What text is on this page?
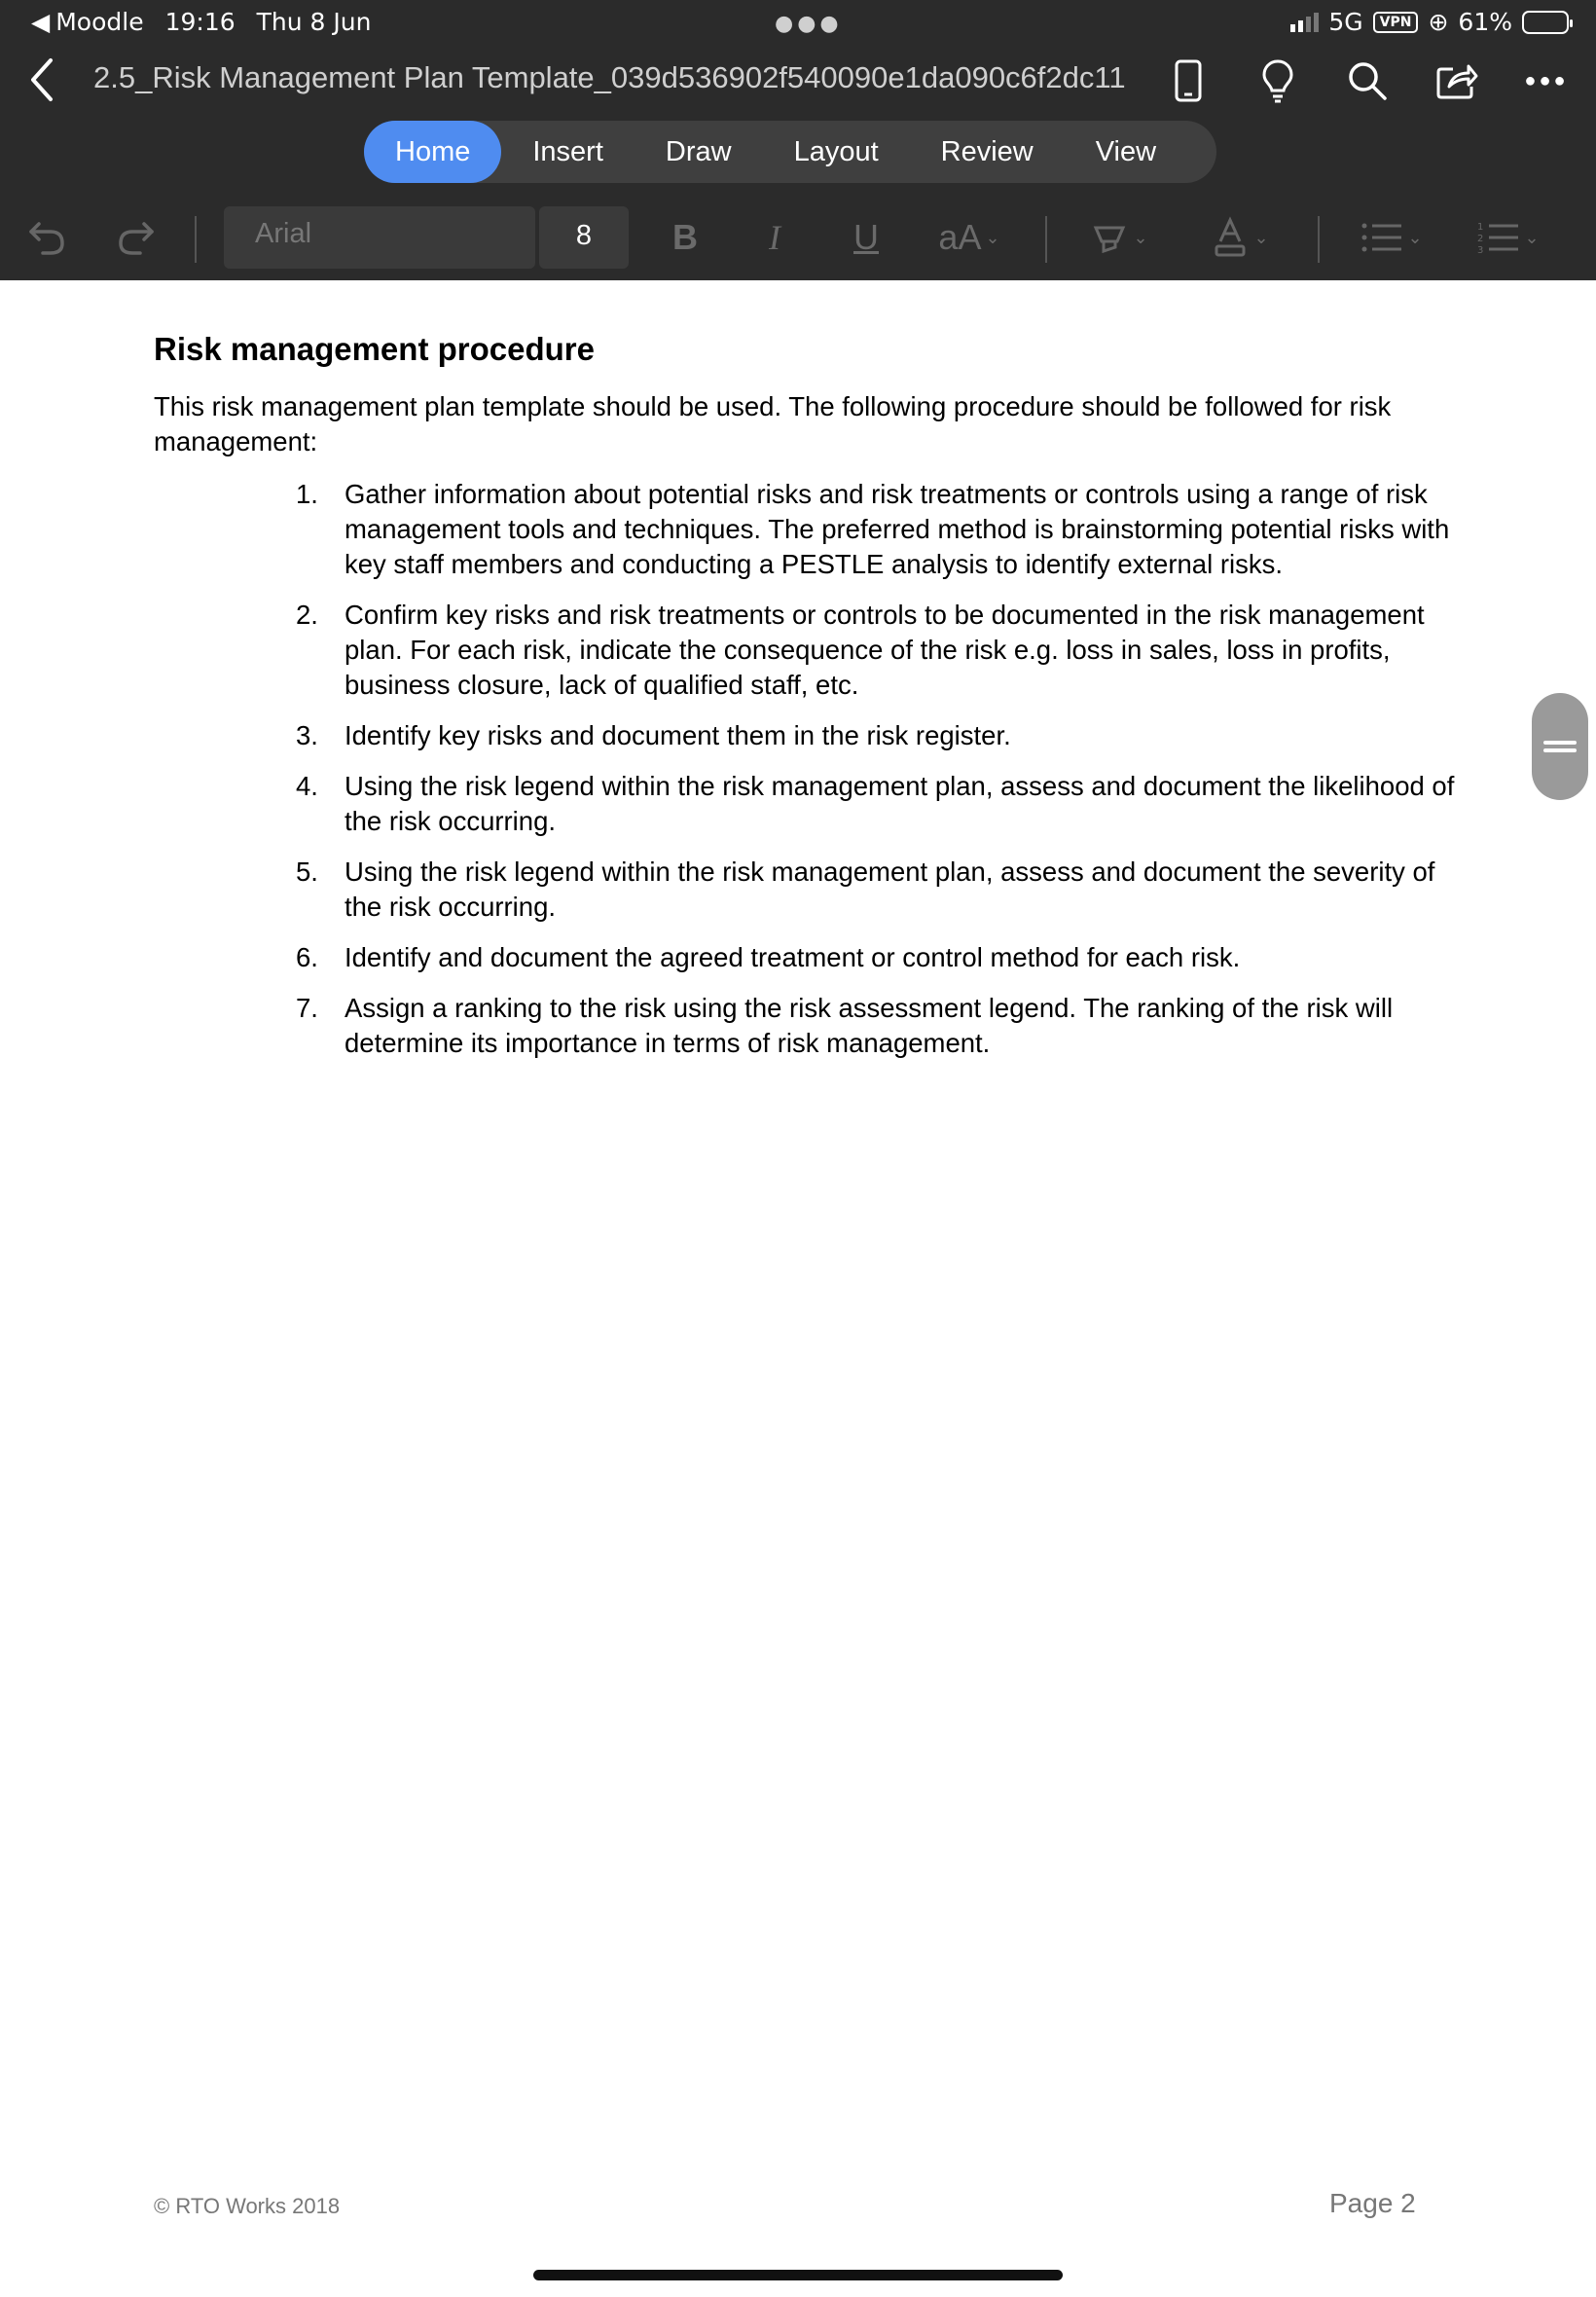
◀ Moodle 19:16 Thu 8 Jun	●●●	5G	VPN ⊕ 61%
2.5_Risk Management Plan Template_039d536902f540090e1da090c6f2dc11	●●●
Home	Insert	Draw	Layout	Review	View
Arial	8	B I U aA ⌄	⌄	⌄	⌄	1
2
3
⌄
Risk management procedure
This risk management plan template should be used. The following procedure should be followed for risk management:
1. Gather information about potential risks and risk treatments or controls using a range of risk management tools and techniques. The preferred method is brainstorming potential risks with key staff members and conducting a PESTLE analysis to identify external risks.
2. Confirm key risks and risk treatments or controls to be documented in the risk management plan. For each risk, indicate the consequence of the risk e.g. loss in sales, loss in profits, business closure, lack of qualified staff, etc.
3. Identify key risks and document them in the risk register.
4. Using the risk legend within the risk management plan, assess and document the likelihood of the risk occurring.
5. Using the risk legend within the risk management plan, assess and document the severity of the risk occurring.
6. Identify and document the agreed treatment or control method for each risk.
7. Assign a ranking to the risk using the risk assessment legend. The ranking of the risk will determine its importance in terms of risk management.
© RTO Works 2018	Page 2
